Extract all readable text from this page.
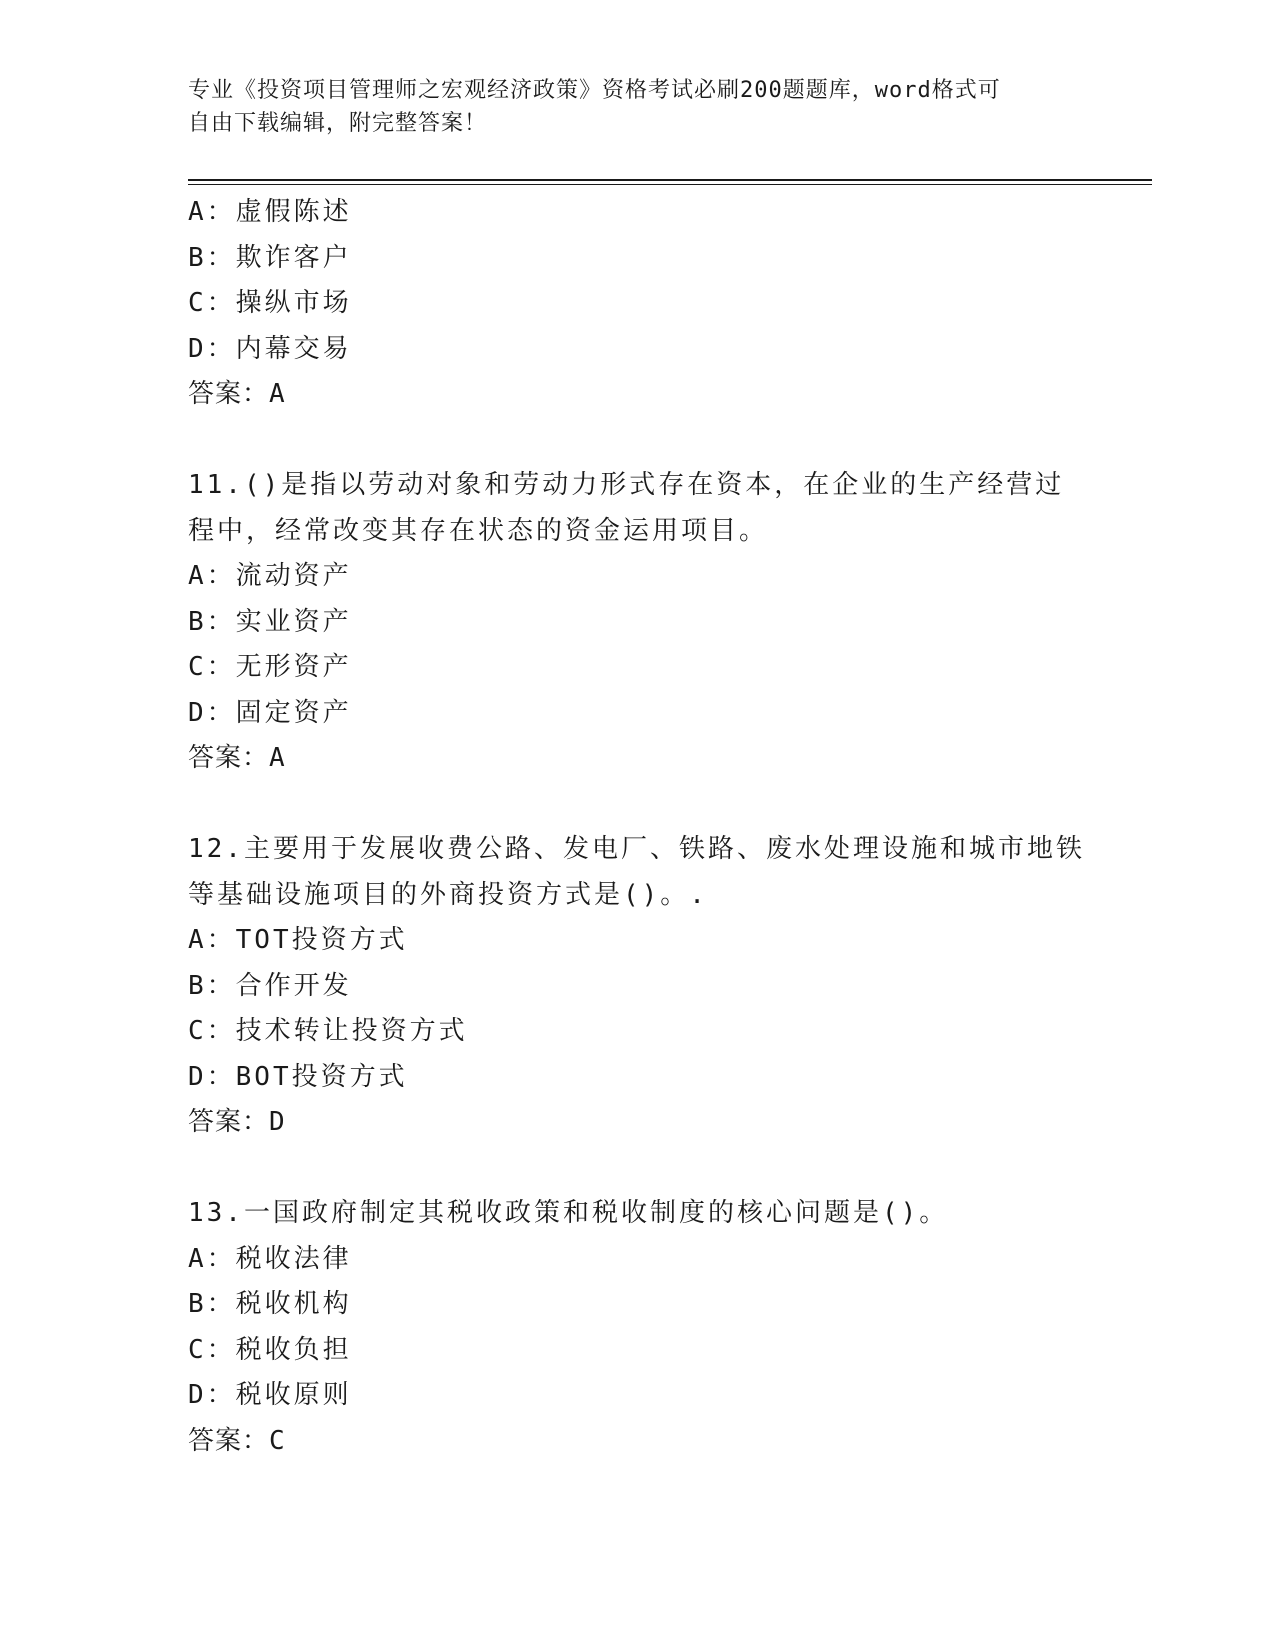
专业《投资项目管理师之宏观经济政策》资格考试必刷200题题库，word格式可
自由下载编辑，附完整答案！
A：虚假陈述
B：欺诈客户
C：操纵市场
D：内幕交易
答案：A

11.()是指以劳动对象和劳动力形式存在资本，在企业的生产经营过程中，经常改变其存在状态的资金运用项目。

A：流动资产
B：实业资产
C：无形资产
D：固定资产
答案：A

12.主要用于发展收费公路、发电厂、铁路、废水处理设施和城市地铁等基础设施项目的外商投资方式是()。.

A：TOT投资方式
B：合作开发
C：技术转让投资方式
D：BOT投资方式
答案：D

13.一国政府制定其税收政策和税收制度的核心问题是()。

A：税收法律
B：税收机构
C：税收负担
D：税收原则
答案：C
